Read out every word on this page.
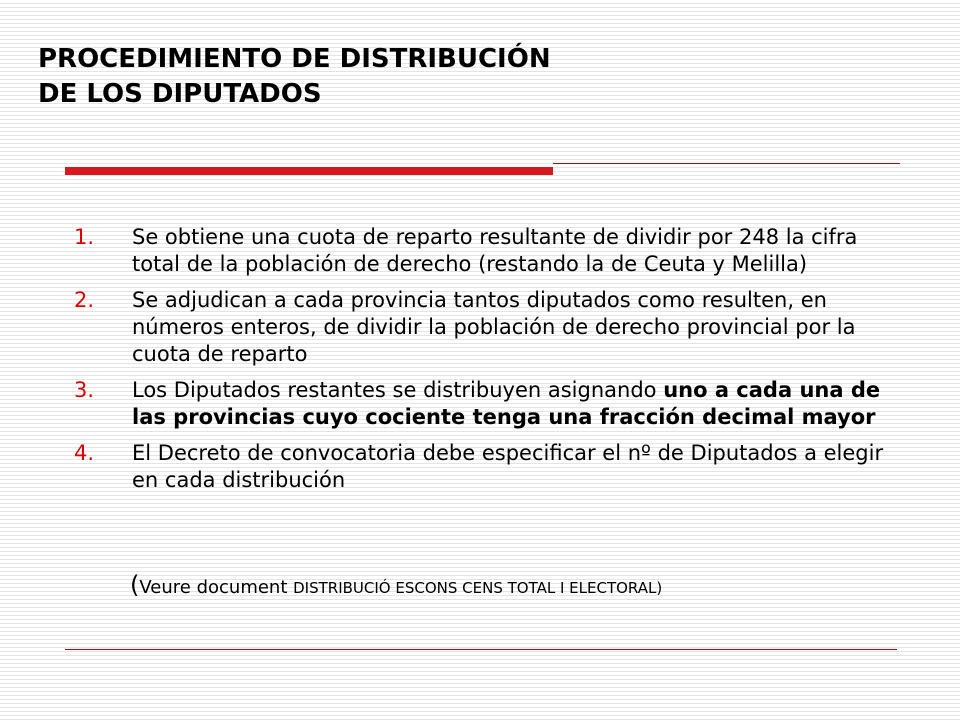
PROCEDIMIENTO DE DISTRIBUCIÓN
DE LOS DIPUTADOS
1. Se obtiene una cuota de reparto resultante de dividir por 248 la cifra total de la población de derecho (restando la de Ceuta y Melilla)
2. Se adjudican a cada provincia tantos diputados como resulten, en números enteros, de dividir la población de derecho provincial por la cuota de reparto
3. Los Diputados restantes se distribuyen asignando uno a cada una de las provincias cuyo cociente tenga una fracción decimal mayor
4. El Decreto de convocatoria debe especificar el nº de Diputados a elegir en cada distribución
(Veure document DISTRIBUCIÓ ESCONS CENS TOTAL I ELECTORAL)
